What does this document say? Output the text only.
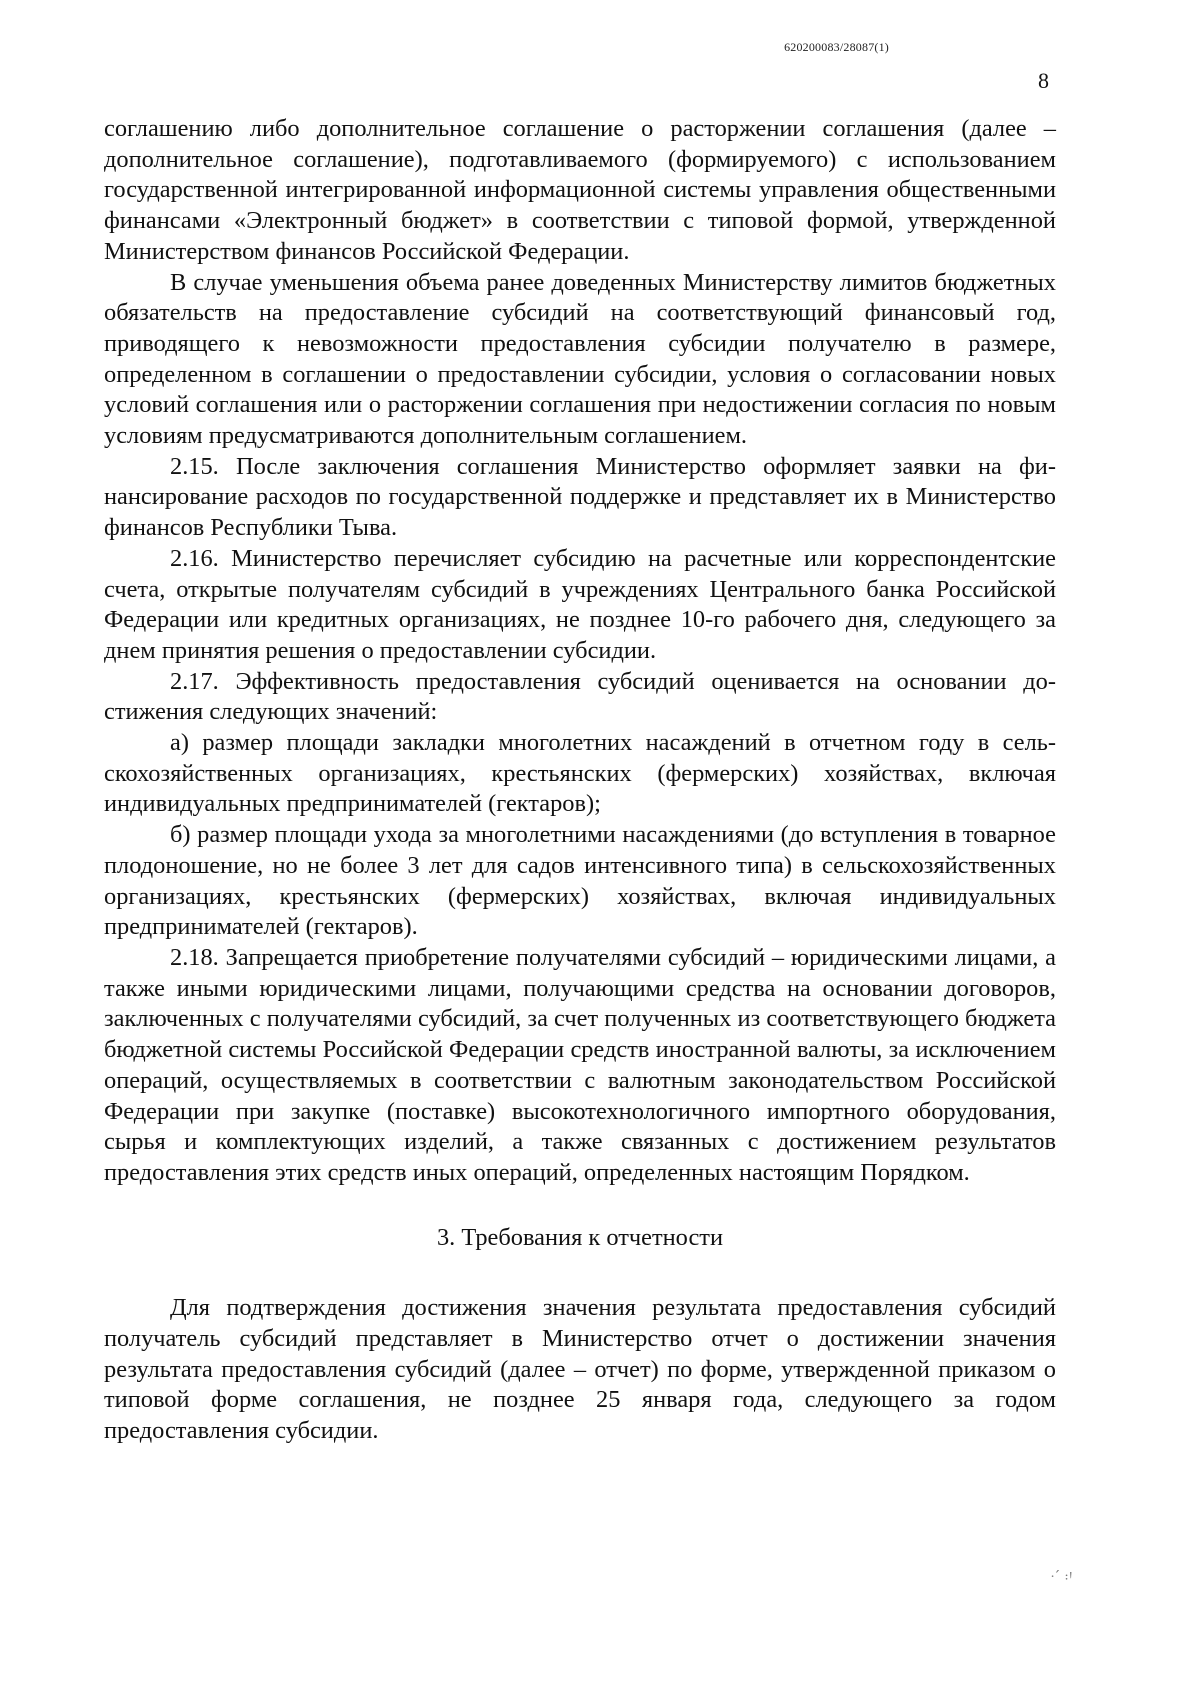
620200083/28087(1)
8

соглашению либо дополнительное соглашение о расторжении соглашения (далее – дополнительное соглашение), подготавливаемого (формируемого) с использованием государственной интегрированной информационной системы управления общественными финансами «Электронный бюджет» в соответствии с типовой формой, утвержденной Министерством финансов Российской Федерации.

В случае уменьшения объема ранее доведенных Министерству лимитов бюджетных обязательств на предоставление субсидий на соответствующий финансовый год, приводящего к невозможности предоставления субсидии получателю в размере, определенном в соглашении о предоставлении субсидии, условия о согласовании новых условий соглашения или о расторжении соглашения при недостижении согласия по новым условиям предусматриваются дополнительным соглашением.

2.15. После заключения соглашения Министерство оформляет заявки на финансирование расходов по государственной поддержке и представляет их в Министерство финансов Республики Тыва.

2.16. Министерство перечисляет субсидию на расчетные или корреспондентские счета, открытые получателям субсидий в учреждениях Центрального банка Российской Федерации или кредитных организациях, не позднее 10-го рабочего дня, следующего за днем принятия решения о предоставлении субсидии.

2.17. Эффективность предоставления субсидий оценивается на основании достижения следующих значений:

а) размер площади закладки многолетних насаждений в отчетном году в сельскохозяйственных организациях, крестьянских (фермерских) хозяйствах, включая индивидуальных предпринимателей (гектаров);

б) размер площади ухода за многолетними насаждениями (до вступления в товарное плодоношение, но не более 3 лет для садов интенсивного типа) в сельскохозяйственных организациях, крестьянских (фермерских) хозяйствах, включая индивидуальных предпринимателей (гектаров).

2.18. Запрещается приобретение получателями субсидий – юридическими лицами, а также иными юридическими лицами, получающими средства на основании договоров, заключенных с получателями субсидий, за счет полученных из соответствующего бюджета бюджетной системы Российской Федерации средств иностранной валюты, за исключением операций, осуществляемых в соответствии с валютным законодательством Российской Федерации при закупке (поставке) высокотехнологичного импортного оборудования, сырья и комплектующих изделий, а также связанных с достижением результатов предоставления этих средств иных операций, определенных настоящим Порядком.

3. Требования к отчетности

Для подтверждения достижения значения результата предоставления субсидий получатель субсидий представляет в Министерство отчет о достижении значения результата предоставления субсидий (далее – отчет) по форме, утвержденной приказом о типовой форме соглашения, не позднее 25 января года, следующего за годом предоставления субсидии.

·՛ ꞉Ꞌ
